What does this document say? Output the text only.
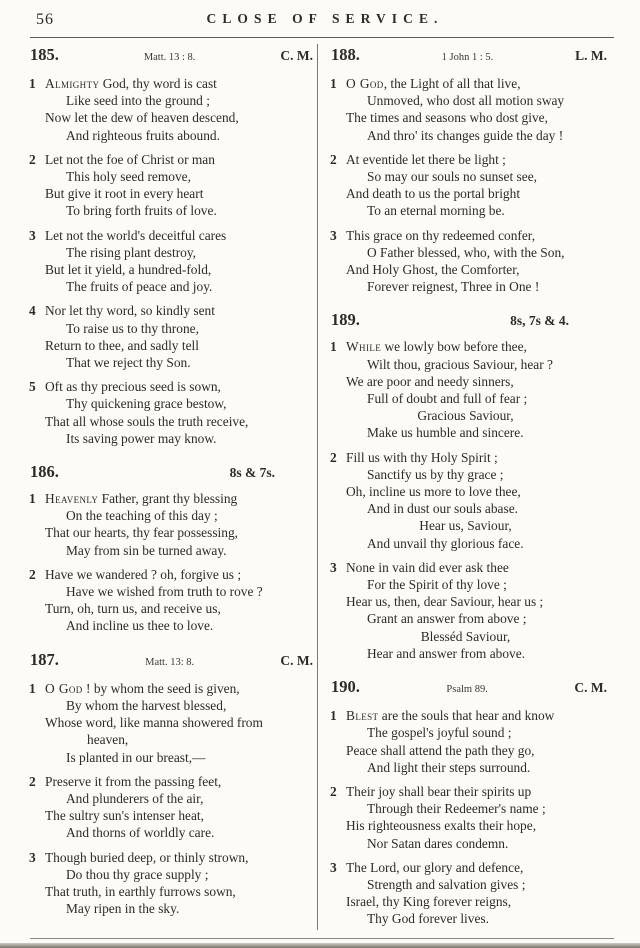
56	CLOSE OF SERVICE.
185.	Matt. 13 : 8.	C. M.
1 Almighty God, thy word is cast
Like seed into the ground ;
Now let the dew of heaven descend,
And righteous fruits abound.
2 Let not the foe of Christ or man
This holy seed remove,
But give it root in every heart
To bring forth fruits of love.
3 Let not the world's deceitful cares
The rising plant destroy,
But let it yield, a hundred-fold,
The fruits of peace and joy.
4 Nor let thy word, so kindly sent
To raise us to thy throne,
Return to thee, and sadly tell
That we reject thy Son.
5 Oft as thy precious seed is sown,
Thy quickening grace bestow,
That all whose souls the truth receive,
Its saving power may know.
186.	8s & 7s.
1 Heavenly Father, grant thy blessing
On the teaching of this day ;
That our hearts, thy fear possessing,
May from sin be turned away.
2 Have we wandered ? oh, forgive us ;
Have we wished from truth to rove ?
Turn, oh, turn us, and receive us,
And incline us thee to love.
187.	Matt. 13: 8.	C. M.
1 O God ! by whom the seed is given,
By whom the harvest blessed,
Whose word, like manna showered from
heaven,
Is planted in our breast,—
2 Preserve it from the passing feet,
And plunderers of the air,
The sultry sun's intenser heat,
And thorns of worldly care.
3 Though buried deep, or thinly strown,
Do thou thy grace supply ;
That truth, in earthly furrows sown,
May ripen in the sky.
188.	1 John 1 : 5.	L. M.
1 O God, the Light of all that live,
Unmoved, who dost all motion sway
The times and seasons who dost give,
And thro' its changes guide the day !
2 At eventide let there be light ;
So may our souls no sunset see,
And death to us the portal bright
To an eternal morning be.
3 This grace on thy redeemed confer,
O Father blessed, who, with the Son,
And Holy Ghost, the Comforter,
Forever reignest, Three in One !
189.	8s, 7s & 4.
1 While we lowly bow before thee,
Wilt thou, gracious Saviour, hear ?
We are poor and needy sinners,
Full of doubt and full of fear ;
Gracious Saviour,
Make us humble and sincere.
2 Fill us with thy Holy Spirit ;
Sanctify us by thy grace ;
Oh, incline us more to love thee,
And in dust our souls abase.
Hear us, Saviour,
And unvail thy glorious face.
3 None in vain did ever ask thee
For the Spirit of thy love ;
Hear us, then, dear Saviour, hear us ;
Grant an answer from above ;
Blesséd Saviour,
Hear and answer from above.
190.	Psalm 89.	C. M.
1 Blest are the souls that hear and know
The gospel's joyful sound ;
Peace shall attend the path they go,
And light their steps surround.
2 Their joy shall bear their spirits up
Through their Redeemer's name ;
His righteousness exalts their hope,
Nor Satan dares condemn.
3 The Lord, our glory and defence,
Strength and salvation gives ;
Israel, thy King forever reigns,
Thy God forever lives.
